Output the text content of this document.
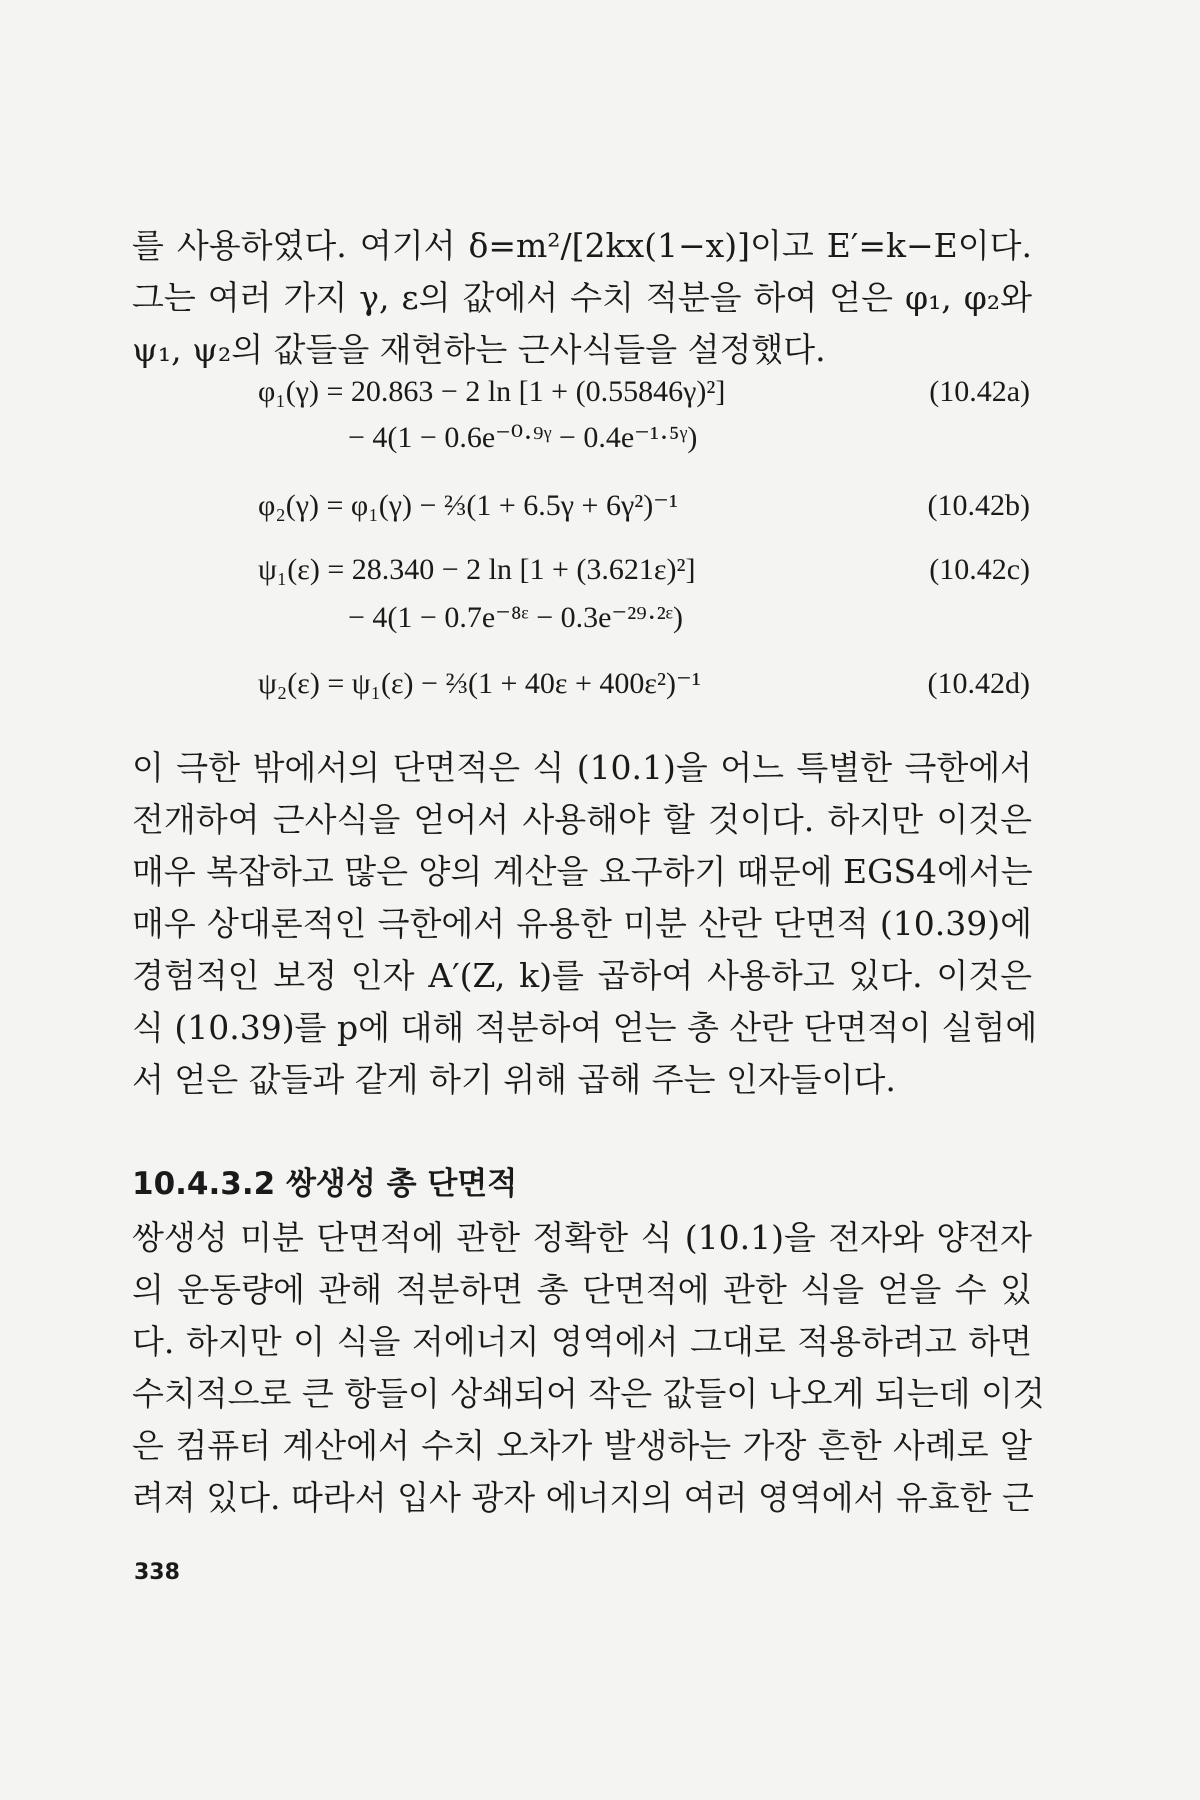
를 사용하였다. 여기서 δ=m²/[2kx(1−x)]이고 E′=k−E이다.
그는 여러 가지 γ, ε의 값에서 수치 적분을 하여 얻은 φ₁, φ₂와
ψ₁, ψ₂의 값들을 재현하는 근사식들을 설정했다.
φ₁(γ) = 20.863 − 2 ln [1 + (0.55846γ)²]	(10.42a)
− 4(1 − 0.6e⁻⁰·⁹ᵞ − 0.4e⁻¹·⁵ᵞ)
φ₂(γ) = φ₁(γ) − ⅔(1 + 6.5γ + 6γ²)⁻¹	(10.42b)
ψ₁(ε) = 28.340 − 2 ln [1 + (3.621ε)²]	(10.42c)
− 4(1 − 0.7e⁻⁸ᵋ − 0.3e⁻²⁹·²ᵋ)
ψ₂(ε) = ψ₁(ε) − ⅔(1 + 40ε + 400ε²)⁻¹	(10.42d)
이 극한 밖에서의 단면적은 식 (10.1)을 어느 특별한 극한에서
전개하여 근사식을 얻어서 사용해야 할 것이다. 하지만 이것은
매우 복잡하고 많은 양의 계산을 요구하기 때문에 EGS4에서는
매우 상대론적인 극한에서 유용한 미분 산란 단면적 (10.39)에
경험적인 보정 인자 A′(Z, k)를 곱하여 사용하고 있다. 이것은
식 (10.39)를 p에 대해 적분하여 얻는 총 산란 단면적이 실험에
서 얻은 값들과 같게 하기 위해 곱해 주는 인자들이다.
10.4.3.2 쌍생성 총 단면적
쌍생성 미분 단면적에 관한 정확한 식 (10.1)을 전자와 양전자
의 운동량에 관해 적분하면 총 단면적에 관한 식을 얻을 수 있
다. 하지만 이 식을 저에너지 영역에서 그대로 적용하려고 하면
수치적으로 큰 항들이 상쇄되어 작은 값들이 나오게 되는데 이것
은 컴퓨터 계산에서 수치 오차가 발생하는 가장 흔한 사례로 알
려져 있다. 따라서 입사 광자 에너지의 여러 영역에서 유효한 근
338
